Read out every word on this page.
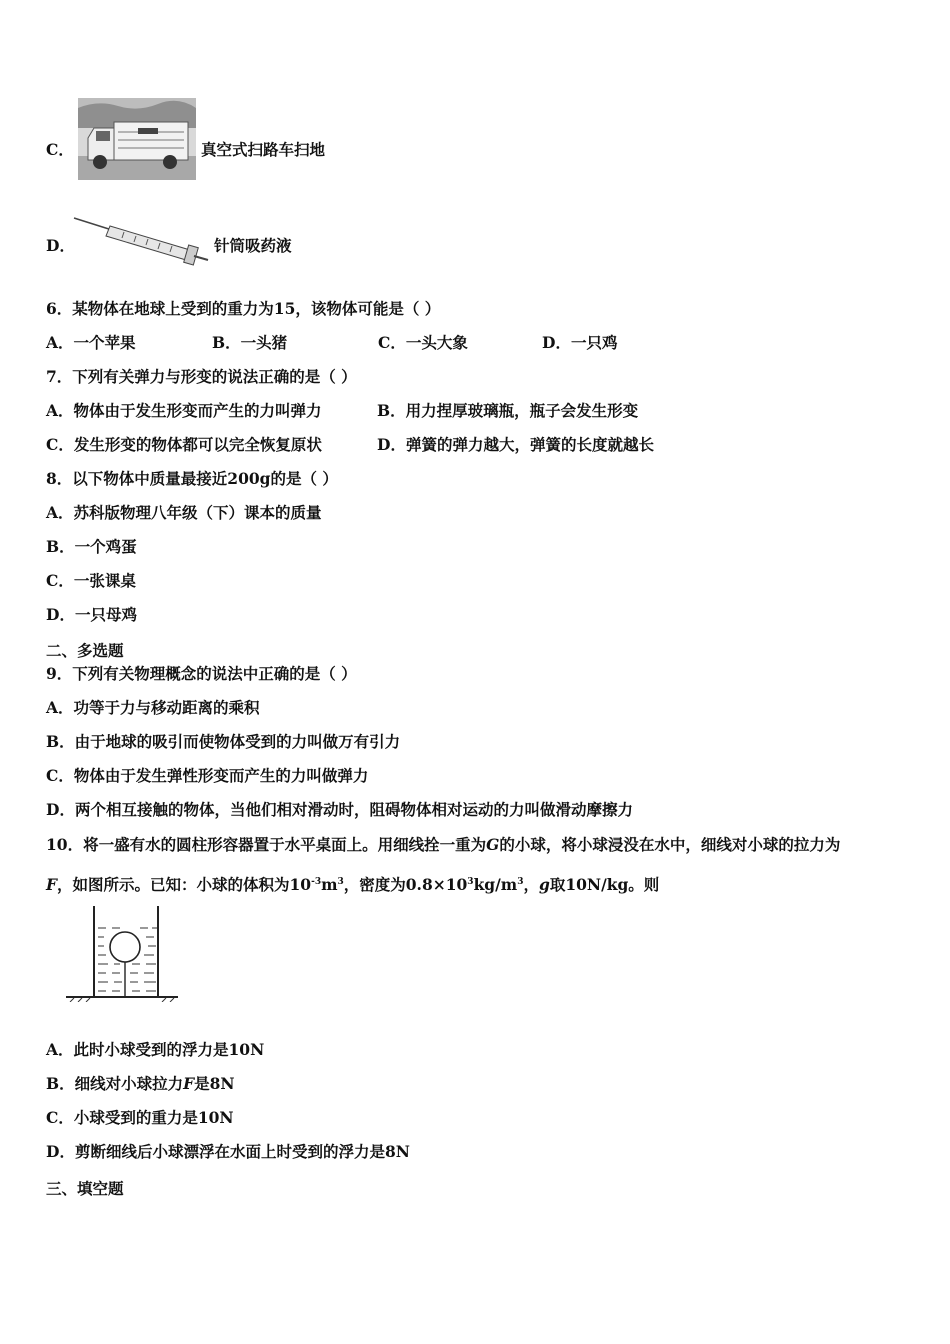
C．	真空式扫路车扫地
D．	针筒吸药液
6．某物体在地球上受到的重力为15，该物体可能是（ ）
A．一个苹果	B．一头猪	C．一头大象	D．一只鸡
7．下列有关弹力与形变的说法正确的是（ ）
A．物体由于发生形变而产生的力叫弹力	B．用力捏厚玻璃瓶，瓶子会发生形变
C．发生形变的物体都可以完全恢复原状	D．弹簧的弹力越大，弹簧的长度就越长
8．以下物体中质量最接近200g的是（ ）
A．苏科版物理八年级（下）课本的质量
B．一个鸡蛋
C．一张课桌
D．一只母鸡
二、多选题
9．下列有关物理概念的说法中正确的是（ ）
A．功等于力与移动距离的乘积
B．由于地球的吸引而使物体受到的力叫做万有引力
C．物体由于发生弹性形变而产生的力叫做弹力
D．两个相互接触的物体，当他们相对滑动时，阻碍物体相对运动的力叫做滑动摩擦力
10．将一盛有水的圆柱形容器置于水平桌面上。用细线拴一重为G的小球，将小球浸没在水中，细线对小球的拉力为
F，如图所示。已知：小球的体积为$10^{-3}m^3$，密度为$0.8\times 10^3kg/m^3$，g取10N/kg。则
A．此时小球受到的浮力是10N
B．细线对小球拉力F是8N
C．小球受到的重力是10N
D．剪断细线后小球漂浮在水面上时受到的浮力是8N
三、填空题
